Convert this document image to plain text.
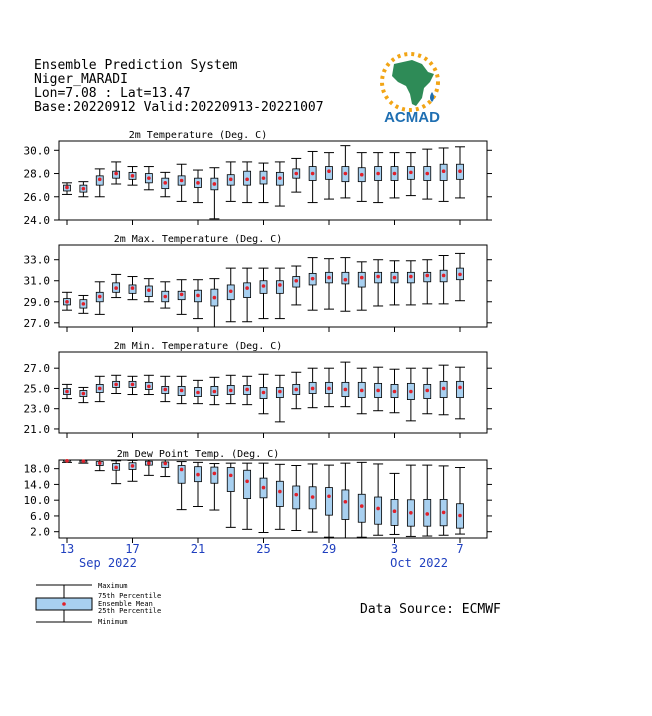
Ensemble Prediction System
Niger_MARADI
Lon=7.08 : Lat=13.47
Base:20220912 Valid:20220913-20221007
ACMAD
2m Temperature (Deg. C)
24.0
26.0
28.0
30.0
2m Max. Temperature (Deg. C)
27.0
29.0
31.0
33.0
2m Min. Temperature (Deg. C)
21.0
23.0
25.0
27.0
2m Dew Point Temp. (Deg. C)
2.0
6.0
10.0
14.0
18.0
13	17	21	25	29	3	7
Sep 2022	Oct 2022
Maximum
75th Percentile
Ensemble Mean
25th Percentile
Minimum
Data Source: ECMWF
